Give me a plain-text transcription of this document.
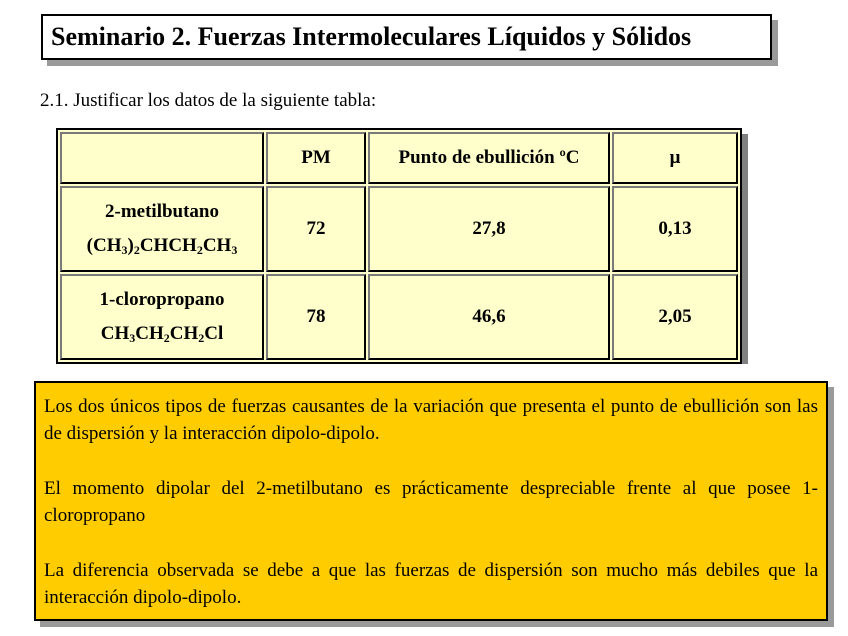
Seminario 2. Fuerzas Intermoleculares Líquidos y Sólidos
2.1. Justificar los datos de la siguiente tabla:
	PM	Punto de ebullición ºC	μ
2-metilbutano
$(CH_3)_2CHCH_2CH_3$	72	27,8	0,13
1-cloropropano
$CH_3CH_2CH_2Cl$	78	46,6	2,05

Los dos únicos tipos de fuerzas causantes de la variación que presenta el punto de ebullición son las de dispersión y la interacción dipolo-dipolo.

El momento dipolar del 2-metilbutano es prácticamente despreciable frente al que posee 1-cloropropano

La diferencia observada se debe a que las fuerzas de dispersión son mucho más debiles que la interacción dipolo-dipolo.
